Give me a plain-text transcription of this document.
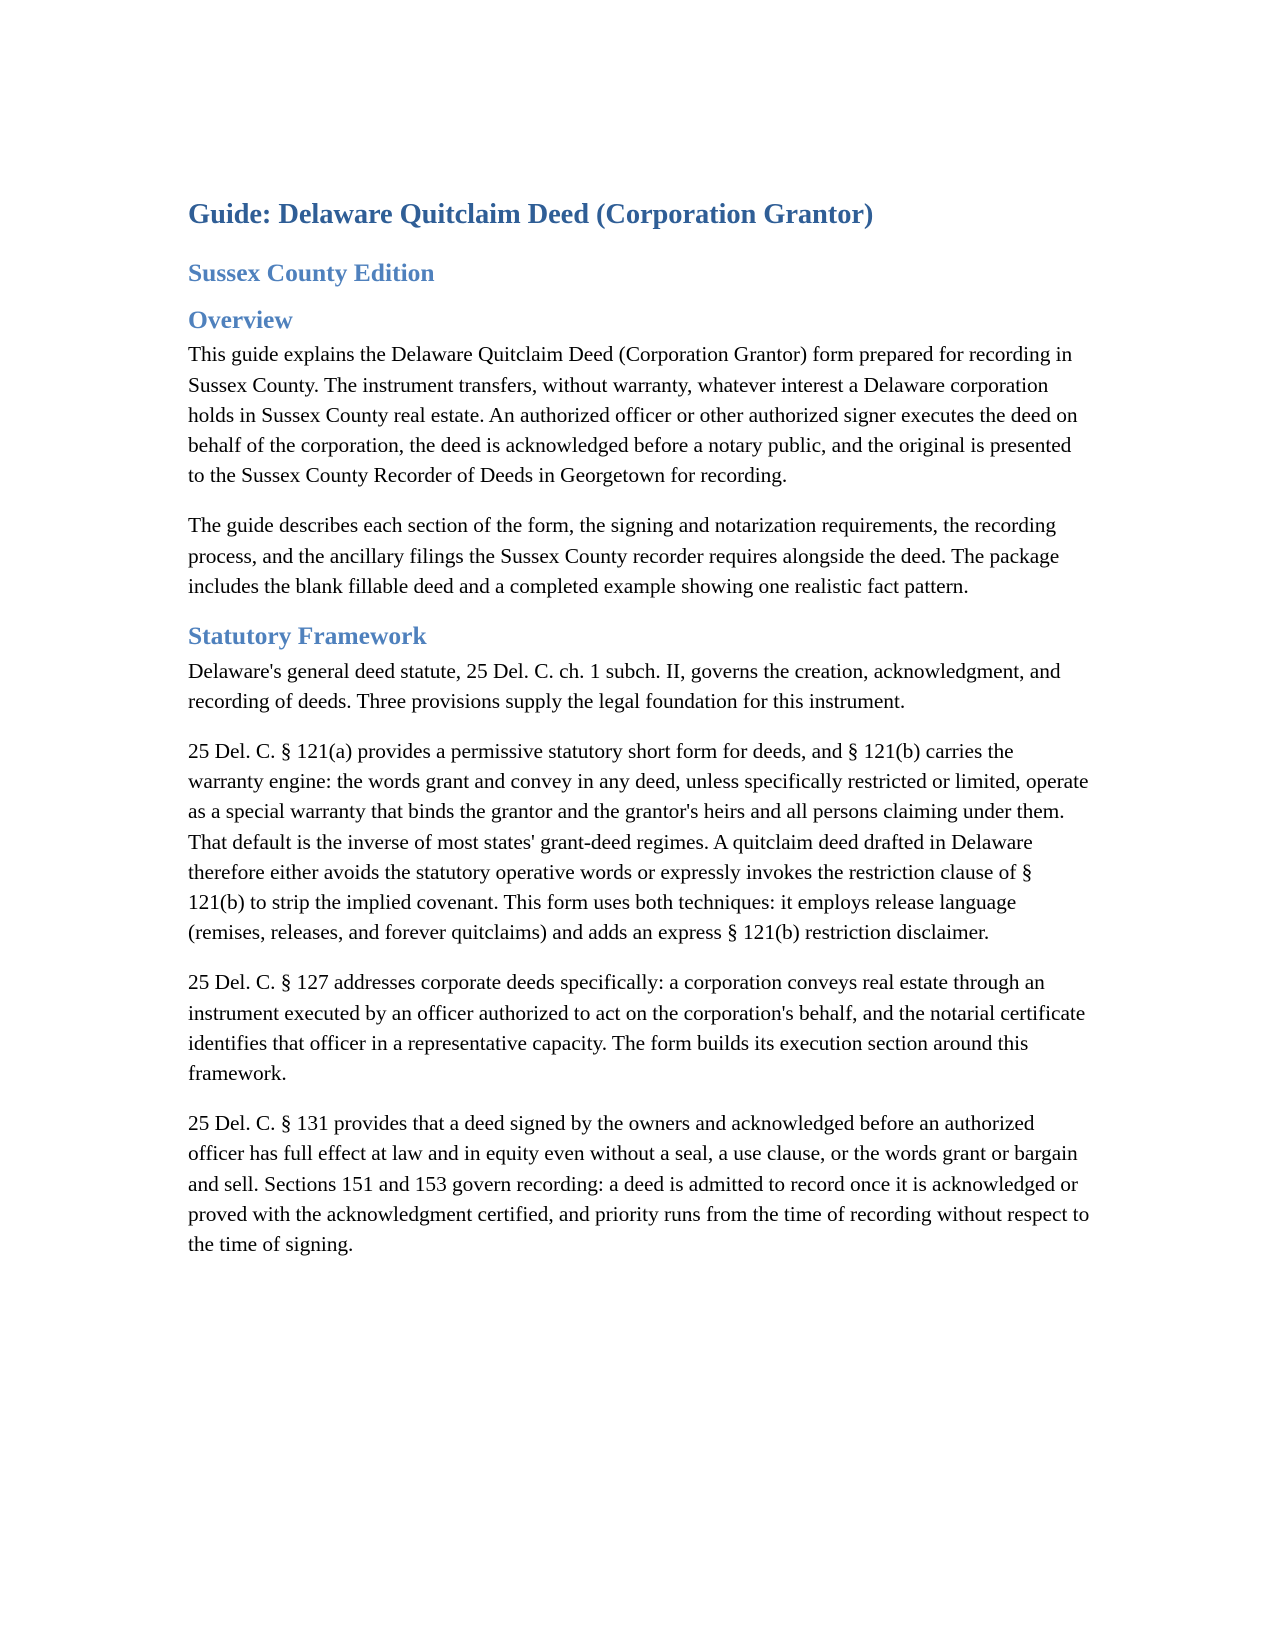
Guide: Delaware Quitclaim Deed (Corporation Grantor)
Sussex County Edition
Overview

This guide explains the Delaware Quitclaim Deed (Corporation Grantor) form prepared for recording in Sussex County. The instrument transfers, without warranty, whatever interest a Delaware corporation holds in Sussex County real estate. An authorized officer or other authorized signer executes the deed on behalf of the corporation, the deed is acknowledged before a notary public, and the original is presented to the Sussex County Recorder of Deeds in Georgetown for recording.

The guide describes each section of the form, the signing and notarization requirements, the recording process, and the ancillary filings the Sussex County recorder requires alongside the deed. The package includes the blank fillable deed and a completed example showing one realistic fact pattern.

Statutory Framework

Delaware's general deed statute, 25 Del. C. ch. 1 subch. II, governs the creation, acknowledgment, and recording of deeds. Three provisions supply the legal foundation for this instrument.

25 Del. C. § 121(a) provides a permissive statutory short form for deeds, and § 121(b) carries the warranty engine: the words grant and convey in any deed, unless specifically restricted or limited, operate as a special warranty that binds the grantor and the grantor's heirs and all persons claiming under them. That default is the inverse of most states' grant-deed regimes. A quitclaim deed drafted in Delaware therefore either avoids the statutory operative words or expressly invokes the restriction clause of § 121(b) to strip the implied covenant. This form uses both techniques: it employs release language (remises, releases, and forever quitclaims) and adds an express § 121(b) restriction disclaimer.

25 Del. C. § 127 addresses corporate deeds specifically: a corporation conveys real estate through an instrument executed by an officer authorized to act on the corporation's behalf, and the notarial certificate identifies that officer in a representative capacity. The form builds its execution section around this framework.

25 Del. C. § 131 provides that a deed signed by the owners and acknowledged before an authorized officer has full effect at law and in equity even without a seal, a use clause, or the words grant or bargain and sell. Sections 151 and 153 govern recording: a deed is admitted to record once it is acknowledged or proved with the acknowledgment certified, and priority runs from the time of recording without respect to the time of signing.
